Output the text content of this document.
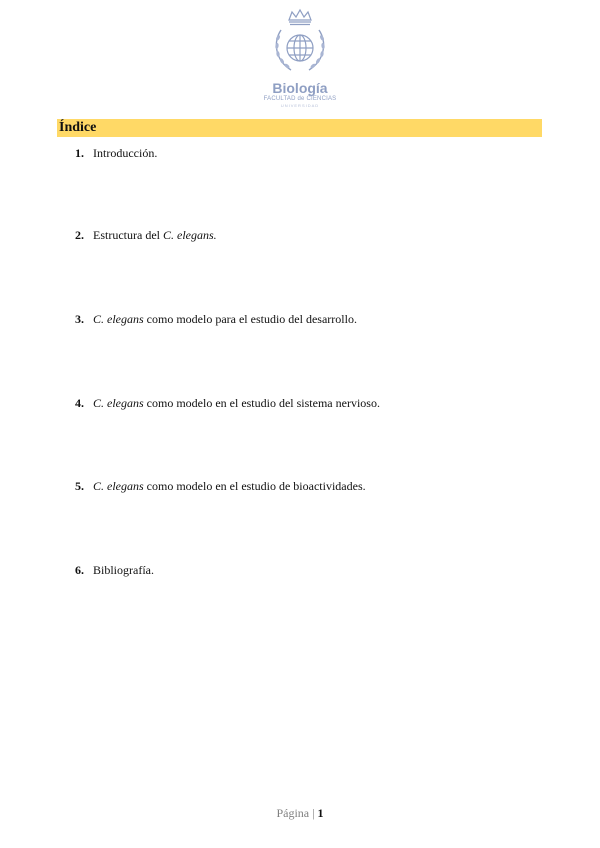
Biología
FACULTAD de CIENCIAS
UNIVERSIDAD
Índice
1. Introducción.
2. Estructura del C. elegans.
3. C. elegans como modelo para el estudio del desarrollo.
4. C. elegans como modelo en el estudio del sistema nervioso.
5. C. elegans como modelo en el estudio de bioactividades.
6. Bibliografía.
Página | 1
